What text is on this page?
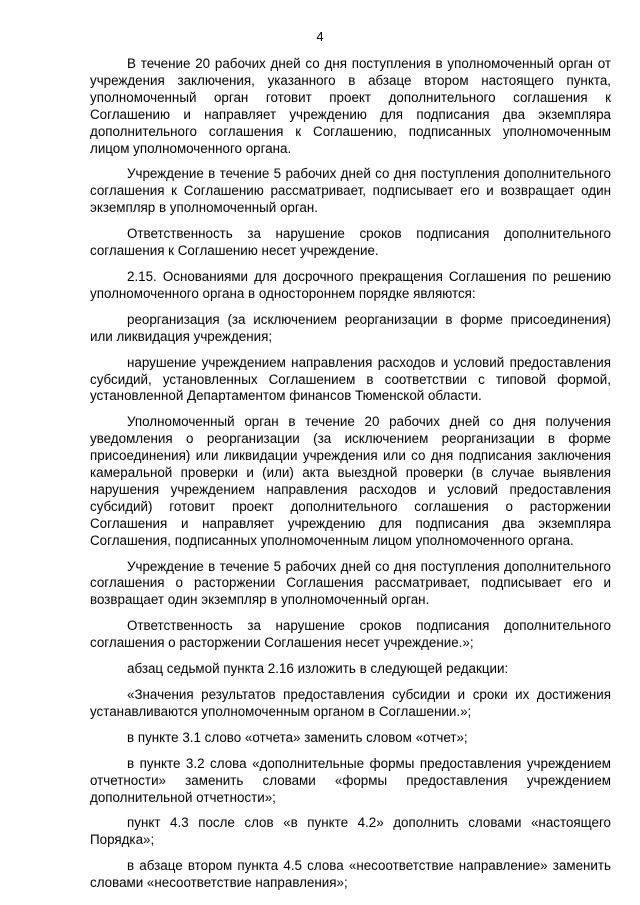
4

В течение 20 рабочих дней со дня поступления в уполномоченный орган от учреждения заключения, указанного в абзаце втором настоящего пункта, уполномоченный орган готовит проект дополнительного соглашения к Соглашению и направляет учреждению для подписания два экземпляра дополнительного соглашения к Соглашению, подписанных уполномоченным лицом уполномоченного органа.

Учреждение в течение 5 рабочих дней со дня поступления дополнительного соглашения к Соглашению рассматривает, подписывает его и возвращает один экземпляр в уполномоченный орган.

Ответственность за нарушение сроков подписания дополнительного соглашения к Соглашению несет учреждение.

2.15. Основаниями для досрочного прекращения Соглашения по решению уполномоченного органа в одностороннем порядке являются:

реорганизация (за исключением реорганизации в форме присоединения) или ликвидация учреждения;

нарушение учреждением направления расходов и условий предоставления субсидий, установленных Соглашением в соответствии с типовой формой, установленной Департаментом финансов Тюменской области.

Уполномоченный орган в течение 20 рабочих дней со дня получения уведомления о реорганизации (за исключением реорганизации в форме присоединения) или ликвидации учреждения или со дня подписания заключения камеральной проверки и (или) акта выездной проверки (в случае выявления нарушения учреждением направления расходов и условий предоставления субсидий) готовит проект дополнительного соглашения о расторжении Соглашения и направляет учреждению для подписания два экземпляра Соглашения, подписанных уполномоченным лицом уполномоченного органа.

Учреждение в течение 5 рабочих дней со дня поступления дополнительного соглашения о расторжении Соглашения рассматривает, подписывает его и возвращает один экземпляр в уполномоченный орган.

Ответственность за нарушение сроков подписания дополнительного соглашения о расторжении Соглашения несет учреждение.»;

абзац седьмой пункта 2.16 изложить в следующей редакции:

«Значения результатов предоставления субсидии и сроки их достижения устанавливаются уполномоченным органом в Соглашении.»;

в пункте 3.1 слово «отчета» заменить словом «отчет»;

в пункте 3.2 слова «дополнительные формы предоставления учреждением отчетности» заменить словами «формы предоставления учреждением дополнительной отчетности»;

пункт 4.3 после слов «в пункте 4.2» дополнить словами «настоящего Порядка»;

в абзаце втором пункта 4.5 слова «несоответствие направление» заменить словами «несоответствие направления»;
